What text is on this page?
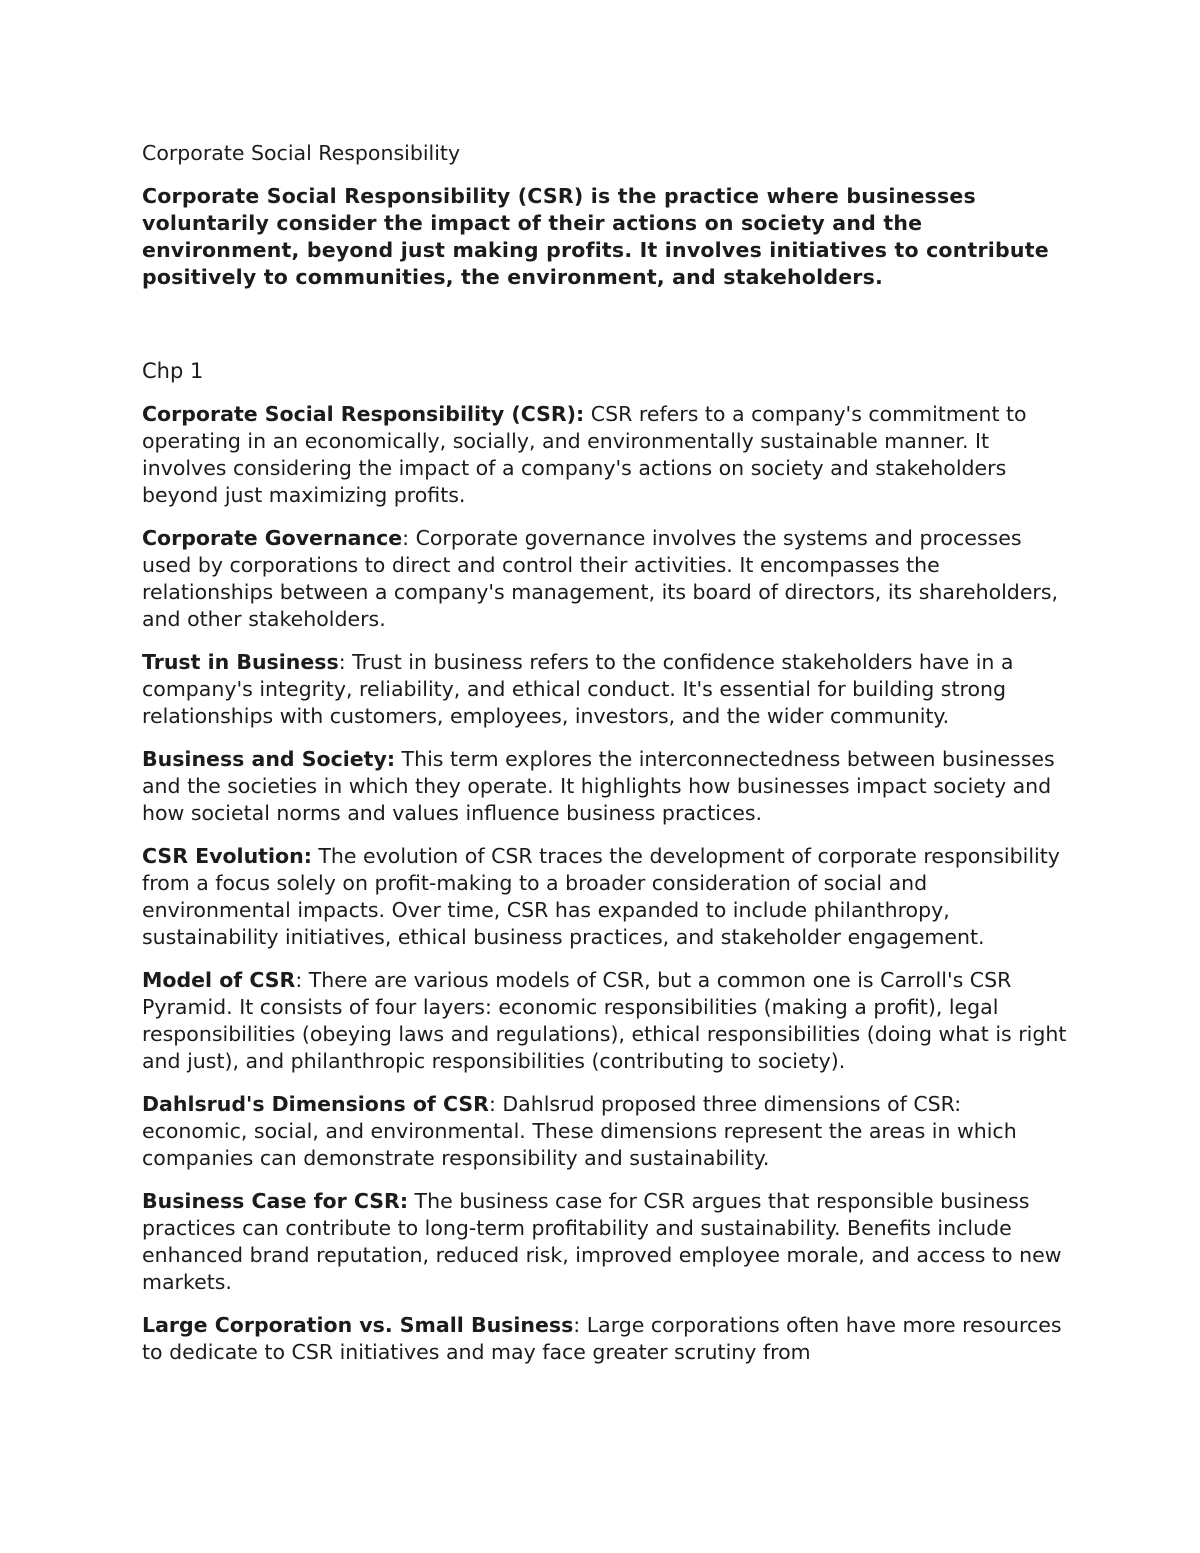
Corporate Social Responsibility

Corporate Social Responsibility (CSR) is the practice where businesses voluntarily consider the impact of their actions on society and the environment, beyond just making profits. It involves initiatives to contribute positively to communities, the environment, and stakeholders.

Chp 1

Corporate Social Responsibility (CSR): CSR refers to a company's commitment to operating in an economically, socially, and environmentally sustainable manner. It involves considering the impact of a company's actions on society and stakeholders beyond just maximizing profits.

Corporate Governance: Corporate governance involves the systems and processes used by corporations to direct and control their activities. It encompasses the relationships between a company's management, its board of directors, its shareholders, and other stakeholders.

Trust in Business: Trust in business refers to the confidence stakeholders have in a company's integrity, reliability, and ethical conduct. It's essential for building strong relationships with customers, employees, investors, and the wider community.

Business and Society: This term explores the interconnectedness between businesses and the societies in which they operate. It highlights how businesses impact society and how societal norms and values influence business practices.

CSR Evolution: The evolution of CSR traces the development of corporate responsibility from a focus solely on profit-making to a broader consideration of social and environmental impacts. Over time, CSR has expanded to include philanthropy, sustainability initiatives, ethical business practices, and stakeholder engagement.

Model of CSR: There are various models of CSR, but a common one is Carroll's CSR Pyramid. It consists of four layers: economic responsibilities (making a profit), legal responsibilities (obeying laws and regulations), ethical responsibilities (doing what is right and just), and philanthropic responsibilities (contributing to society).

Dahlsrud's Dimensions of CSR: Dahlsrud proposed three dimensions of CSR: economic, social, and environmental. These dimensions represent the areas in which companies can demonstrate responsibility and sustainability.

Business Case for CSR: The business case for CSR argues that responsible business practices can contribute to long-term profitability and sustainability. Benefits include enhanced brand reputation, reduced risk, improved employee morale, and access to new markets.

Large Corporation vs. Small Business: Large corporations often have more resources to dedicate to CSR initiatives and may face greater scrutiny from
